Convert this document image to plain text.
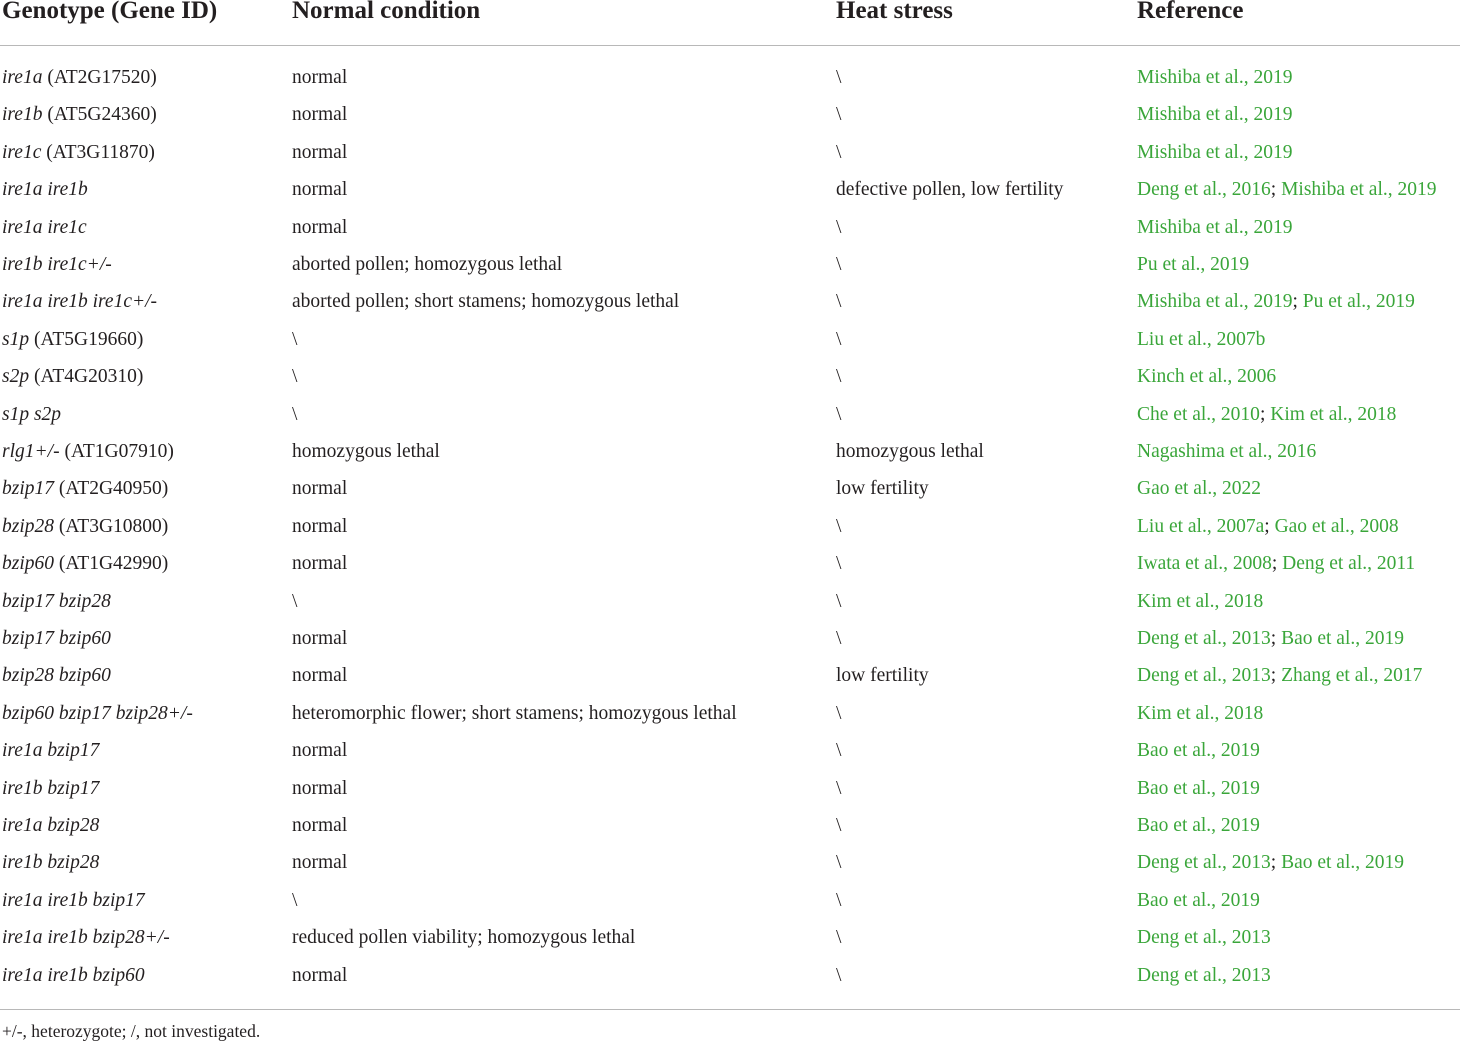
Genotype (Gene ID)	Normal condition	Heat stress	Reference
ire1a (AT2G17520)	normal	\	Mishiba et al., 2019
ire1b (AT5G24360)	normal	\	Mishiba et al., 2019
ire1c (AT3G11870)	normal	\	Mishiba et al., 2019
ire1a ire1b	normal	defective pollen, low fertility	Deng et al., 2016; Mishiba et al., 2019
ire1a ire1c	normal	\	Mishiba et al., 2019
ire1b ire1c+/-	aborted pollen; homozygous lethal	\	Pu et al., 2019
ire1a ire1b ire1c+/-	aborted pollen; short stamens; homozygous lethal	\	Mishiba et al., 2019; Pu et al., 2019
s1p (AT5G19660)	\	\	Liu et al., 2007b
s2p (AT4G20310)	\	\	Kinch et al., 2006
s1p s2p	\	\	Che et al., 2010; Kim et al., 2018
rlg1+/- (AT1G07910)	homozygous lethal	homozygous lethal	Nagashima et al., 2016
bzip17 (AT2G40950)	normal	low fertility	Gao et al., 2022
bzip28 (AT3G10800)	normal	\	Liu et al., 2007a; Gao et al., 2008
bzip60 (AT1G42990)	normal	\	Iwata et al., 2008; Deng et al., 2011
bzip17 bzip28	\	\	Kim et al., 2018
bzip17 bzip60	normal	\	Deng et al., 2013; Bao et al., 2019
bzip28 bzip60	normal	low fertility	Deng et al., 2013; Zhang et al., 2017
bzip60 bzip17 bzip28+/-	heteromorphic flower; short stamens; homozygous lethal	\	Kim et al., 2018
ire1a bzip17	normal	\	Bao et al., 2019
ire1b bzip17	normal	\	Bao et al., 2019
ire1a bzip28	normal	\	Bao et al., 2019
ire1b bzip28	normal	\	Deng et al., 2013; Bao et al., 2019
ire1a ire1b bzip17	\	\	Bao et al., 2019
ire1a ire1b bzip28+/-	reduced pollen viability; homozygous lethal	\	Deng et al., 2013
ire1a ire1b bzip60	normal	\	Deng et al., 2013
+/-, heterozygote; /, not investigated.
